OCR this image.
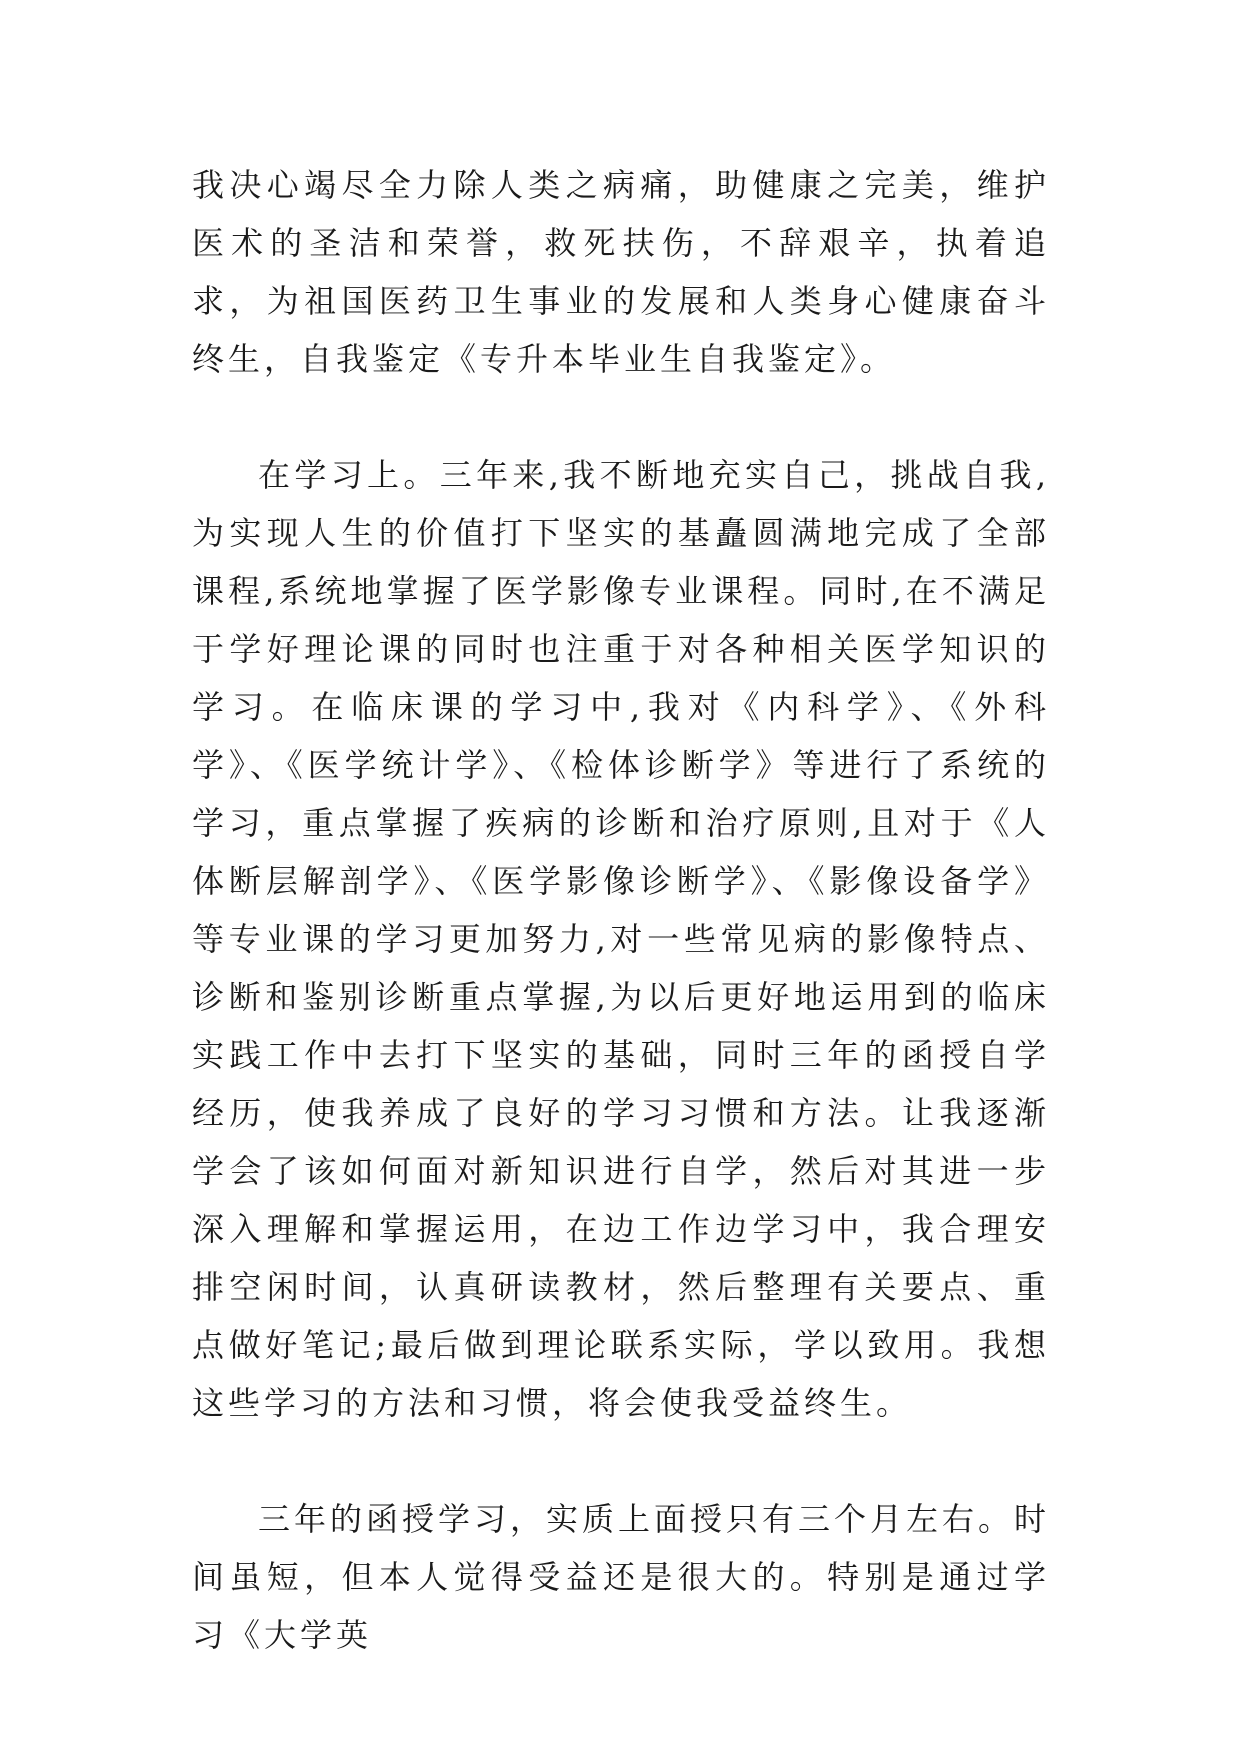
我决心竭尽全力除人类之病痛，助健康之完美，维护医术的圣洁和荣誉，救死扶伤，不辞艰辛，执着追求，为祖国医药卫生事业的发展和人类身心健康奋斗终生，自我鉴定《专升本毕业生自我鉴定》。

在学习上。三年来,我不断地充实自己，挑战自我,为实现人生的价值打下坚实的基矗圆满地完成了全部课程,系统地掌握了医学影像专业课程。同时,在不满足于学好理论课的同时也注重于对各种相关医学知识的学习。在临床课的学习中,我对《内科学》、《外科学》、《医学统计学》、《检体诊断学》等进行了系统的学习，重点掌握了疾病的诊断和治疗原则,且对于《人体断层解剖学》、《医学影像诊断学》、《影像设备学》等专业课的学习更加努力,对一些常见病的影像特点、诊断和鉴别诊断重点掌握,为以后更好地运用到的临床实践工作中去打下坚实的基础，同时三年的函授自学经历，使我养成了良好的学习习惯和方法。让我逐渐学会了该如何面对新知识进行自学，然后对其进一步深入理解和掌握运用，在边工作边学习中，我合理安排空闲时间，认真研读教材，然后整理有关要点、重点做好笔记;最后做到理论联系实际，学以致用。我想这些学习的方法和习惯，将会使我受益终生。

三年的函授学习，实质上面授只有三个月左右。时间虽短，但本人觉得受益还是很大的。特别是通过学习《大学英
